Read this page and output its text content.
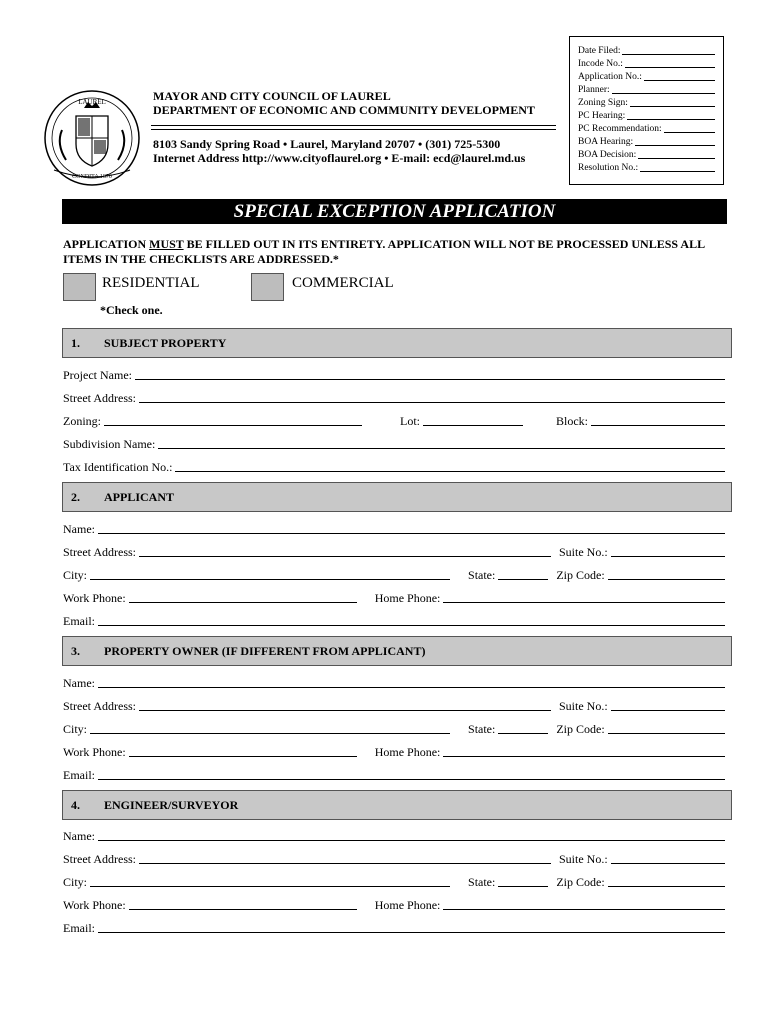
LAUREL
CONDITA 1870
MAYOR AND CITY COUNCIL OF LAUREL
DEPARTMENT OF ECONOMIC AND COMMUNITY DEVELOPMENT
8103 Sandy Spring Road • Laurel, Maryland 20707 • (301) 725-5300
Internet Address http://www.cityoflaurel.org • E-mail: ecd@laurel.md.us
Date Filed:
Incode No.:
Application No.:
Planner:
Zoning Sign:
PC Hearing:
PC Recommendation:
BOA Hearing:
BOA Decision:
Resolution No.:
SPECIAL EXCEPTION APPLICATION
APPLICATION MUST BE FILLED OUT IN ITS ENTIRETY. APPLICATION WILL NOT BE PROCESSED UNLESS ALL ITEMS IN THE CHECKLISTS ARE ADDRESSED.*
RESIDENTIAL	COMMERCIAL
*Check one.
1. SUBJECT PROPERTY
Project Name:
Street Address:
Zoning:	Lot:	Block:
Subdivision Name:
Tax Identification No.:
2. APPLICANT
Name:
Street Address:	Suite No.:
City:	State:	Zip Code:
Work Phone:	Home Phone:
Email:
3. PROPERTY OWNER (IF DIFFERENT FROM APPLICANT)
Name:
Street Address:	Suite No.:
City:	State:	Zip Code:
Work Phone:	Home Phone:
Email:
4. ENGINEER/SURVEYOR
Name:
Street Address:	Suite No.:
City:	State:	Zip Code:
Work Phone:	Home Phone:
Email:
